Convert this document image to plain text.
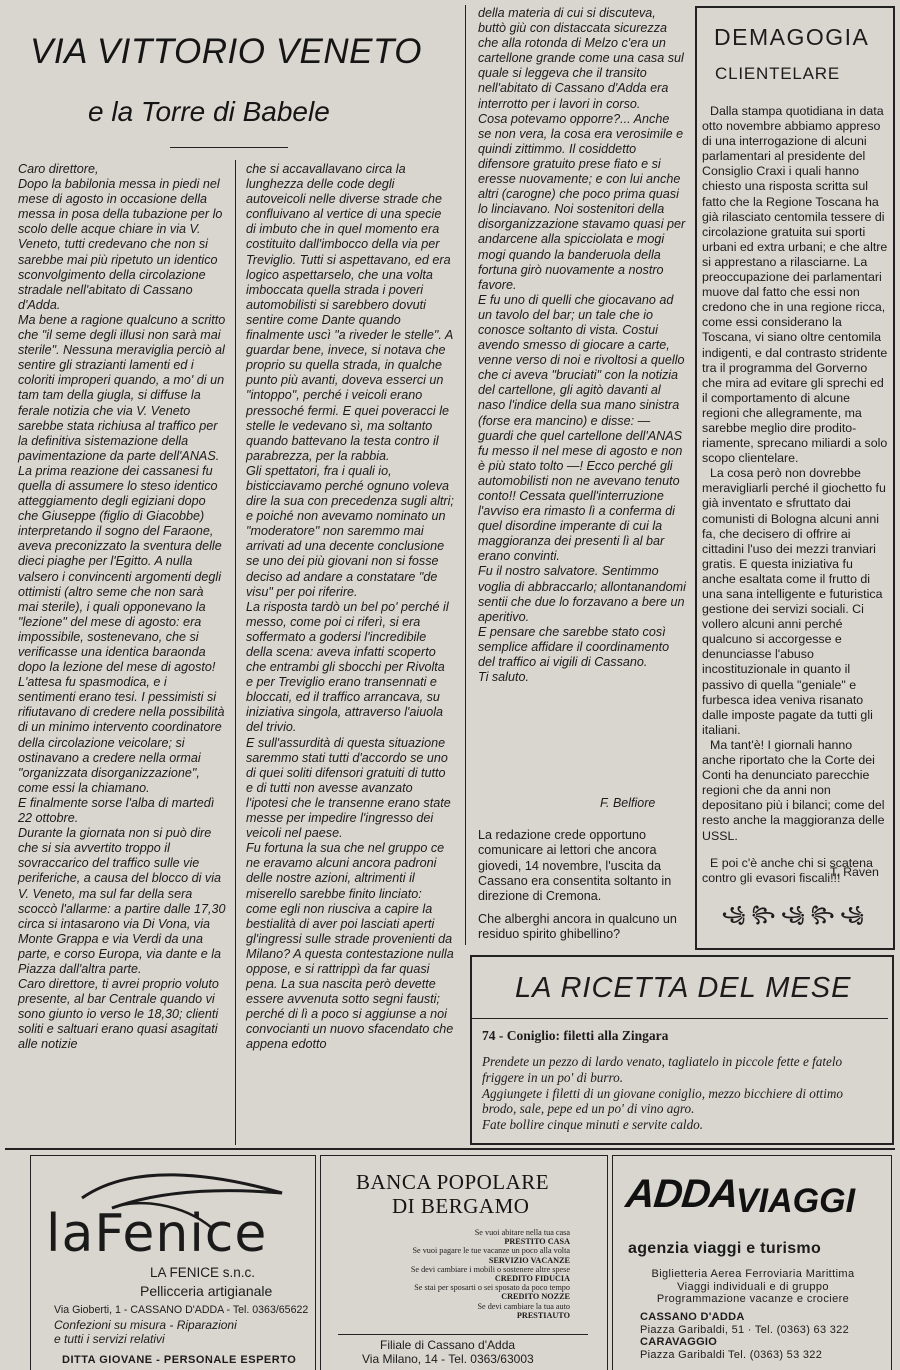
VIA VITTORIO VENETO
e la Torre di Babele

Caro direttore,

Dopo la babilonia messa in piedi nel mese di agosto in occasione della messa in posa della tubazione per lo scolo delle acque chiare in via V. Veneto, tutti credevano che non si sarebbe mai più ripetuto un identico sconvolgimento della circolazione stradale nell'abitato di Cassano d'Adda.

Ma bene a ragione qualcuno a scritto che "il seme degli illusi non sarà mai sterile". Nessuna meraviglia perciò al sentire gli strazianti lamenti ed i coloriti improperi quando, a mo' di un tam tam della giugla, si diffuse la ferale notizia che via V. Veneto sarebbe stata richiusa al traffico per la definitiva sistemazione della pavimentazione da parte dell'ANAS.

La prima reazione dei cassanesi fu quella di assumere lo steso identico atteggiamento degli egiziani dopo che Giuseppe (figlio di Giacobbe) interpretando il sogno del Faraone, aveva preconizzato la sventura delle dieci piaghe per l'Egitto. A nulla valsero i convincenti argomenti degli ottimisti (altro seme che non sarà mai sterile), i quali opponevano la "lezione" del mese di agosto: era impossibile, sostenevano, che si verificasse una identica baraonda dopo la lezione del mese di agosto!

L'attesa fu spasmodica, e i sentimenti erano tesi. I pessimisti si rifiutavano di credere nella possibilità di un minimo intervento coordinatore della circolazione veicolare; si ostinavano a credere nella ormai "organizzata disorganizzazione", come essi la chiamano.

E finalmente sorse l'alba di martedì 22 ottobre.

Durante la giornata non si può dire che si sia avvertito troppo il sovraccarico del traffico sulle vie periferiche, a causa del blocco di via V. Veneto, ma sul far della sera scoccò l'allarme: a partire dalle 17,30 circa si intasarono via Di Vona, via Monte Grappa e via Verdi da una parte, e corso Europa, via dante e la Piazza dall'altra parte.

Caro direttore, ti avrei proprio voluto presente, al bar Centrale quando vi sono giunto io verso le 18,30; clienti soliti e saltuari erano quasi asagitati alle notizie

che si accavallavano circa la lunghezza delle code degli autoveicoli nelle diverse strade che confluivano al vertice di una specie di imbuto che in quel momento era costituito dall'imbocco della via per Treviglio. Tutti si aspettavano, ed era logico aspettarselo, che una volta imboccata quella strada i poveri automobilisti si sarebbero dovuti sentire come Dante quando finalmente uscì "a riveder le stelle". A guardar bene, invece, si notava che proprio su quella strada, in qualche punto più avanti, doveva esserci un "intoppo", perché i veicoli erano pressoché fermi. E quei poveracci le stelle le vedevano sì, ma soltanto quando battevano la testa contro il parabrezza, per la rabbia.

Gli spettatori, fra i quali io, bisticciavamo perché ognuno voleva dire la sua con precedenza sugli altri; e poiché non avevamo nominato un "moderatore" non saremmo mai arrivati ad una decente conclusione se uno dei più giovani non si fosse deciso ad andare a constatare "de visu" per poi riferire.

La risposta tardò un bel po' perché il messo, come poi ci riferì, si era soffermato a godersi l'incredibile della scena: aveva infatti scoperto che entrambi gli sbocchi per Rivolta e per Treviglio erano transennati e bloccati, ed il traffico arrancava, su iniziativa singola, attraverso l'aiuola del trivio.

E sull'assurdità di questa situazione saremmo stati tutti d'accordo se uno di quei soliti difensori gratuiti di tutto e di tutti non avesse avanzato l'ipotesi che le transenne erano state messe per impedire l'ingresso dei veicoli nel paese.

Fu fortuna la sua che nel gruppo ce ne eravamo alcuni ancora padroni delle nostre azioni, altrimenti il miserello sarebbe finito linciato: come egli non riusciva a capire la bestialità di aver poi lasciati aperti gl'ingressi sulle strade provenienti da Milano? A questa contestazione nulla oppose, e si rattrippì da far quasi pena. La sua nascita però devette essere avvenuta sotto segni fausti; perché di lì a poco si aggiunse a noi convocianti un nuovo sfacendato che appena edotto

della materia di cui si discuteva, buttò giù con distaccata sicurezza che alla rotonda di Melzo c'era un cartellone grande come una casa sul quale si leggeva che il transito nell'abitato di Cassano d'Adda era interrotto per i lavori in corso.

Cosa potevamo opporre?... Anche se non vera, la cosa era verosimile e quindi zittimmo. Il cosiddetto difensore gratuito prese fiato e si eresse nuovamente; e con lui anche altri (carogne) che poco prima quasi lo linciavano. Noi sostenitori della disorganizzazione stavamo quasi per andarcene alla spicciolata e mogi mogi quando la banderuola della fortuna girò nuovamente a nostro favore.

E fu uno di quelli che giocavano ad un tavolo del bar; un tale che io conosce soltanto di vista. Costui avendo smesso di giocare a carte, venne verso di noi e rivoltosi a quello che ci aveva "bruciati" con la notizia del cartellone, gli agitò davanti al naso l'indice della sua mano sinistra (forse era mancino) e disse: — guardi che quel cartellone dell'ANAS fu messo il nel mese di agosto e non è più stato tolto —! Ecco perché gli automobilisti non ne avevano tenuto conto!! Cessata quell'interruzione l'avviso era rimasto lì a conferma di quel disordine imperante di cui la maggioranza dei presenti lì al bar erano convinti.

Fu il nostro salvatore. Sentimmo voglia di abbraccarlo; allontanandomi sentii che due lo forzavano a bere un aperitivo.

E pensare che sarebbe stato così semplice affidare il coordinamento del traffico ai vigili di Cassano.

Ti saluto.

F. Belfiore
La redazione crede opportuno comunicare ai lettori che ancora giovedi, 14 novembre, l'uscita da Cassano era consentita soltanto in direzione di Cremona.
Che alberghi ancora in qualcuno un residuo spirito ghibellino?
DEMAGOGIA
CLIENTELARE

Dalla stampa quotidiana in data otto novembre abbiamo appreso di una interrogazione di alcuni parlamentari al presidente del Consiglio Craxi i quali hanno chiesto una risposta scritta sul fatto che la Regione Toscana ha già rilasciato centomila tessere di circolazione gratuita sui sporti urbani ed extra urbani; e che altre si apprestano a rilasciarne. La preoccupazione dei parlamentari muove dal fatto che essi non credono che in una regione ricca, come essi considerano la Toscana, vi siano oltre centomila indigenti, e dal contrasto stridente tra il programma del Gorverno che mira ad evitare gli sprechi ed il comportamento di alcune regioni che allegramente, ma sarebbe meglio dire proditoriamente, sprecano miliardi a solo scopo clientelare.

La cosa però non dovrebbe meravigliarli perché il giochetto fu già inventato e sfruttato dai comunisti di Bologna alcuni anni fa, che decisero di offrire ai cittadini l'uso dei mezzi tranviari gratis. E questa iniziativa fu anche esaltata come il frutto di una sana intelligente e futuristica gestione dei servizi sociali. Ci vollero alcuni anni perché qualcuno si accorgesse e denunciasse l'abuso incostituzionale in quanto il passivo di quella "geniale" e furbesca idea veniva risanato dalle imposte pagate da tutti gli italiani.

Ma tant'è! I giornali hanno anche riportato che la Corte dei Conti ha denunciato parecchie regioni che da anni non depositano più i bilanci; come del resto anche la maggioranza delle USSL.

E poi c'è anche chi si scatena contro gli evasori fiscali!!!

T. Raven
꧁ ꧂ ꧁ ꧂ ꧁
LA RICETTA DEL MESE
74 - Coniglio: filetti alla Zingara

Prendete un pezzo di lardo venato, tagliatelo in piccole fette e fatelo friggere in un po' di burro.

Aggiungete i filetti di un giovane coniglio, mezzo bicchiere di ottimo brodo, sale, pepe ed un po' di vino agro.

Fate bollire cinque minuti e servite caldo.

laFenice
LA FENICE s.n.c.
Pellicceria artigianale
Via Gioberti, 1 - CASSANO D'ADDA - Tel. 0363/65622
Confezioni su misura - Riparazioni
e tutti i servizi relativi
DITTA GIOVANE - PERSONALE ESPERTO
BANCA POPOLARE
DI BERGAMO
Se vuoi abitare nella tua casa
PRESTITO CASA
Se vuoi pagare le tue vacanze un poco alla volta
SERVIZIO VACANZE
Se devi cambiare i mobili o sostenere altre spese
CREDITO FIDUCIA
Se stai per sposarti o sei sposato da poco tempo
CREDITO NOZZE
Se devi cambiare la tua auto
PRESTIAUTO
Filiale di Cassano d'Adda
Via Milano, 14 - Tel. 0363/63003
ADDA
VIAGGI
agenzia viaggi e turismo
Biglietteria Aerea Ferroviaria Marittima
Viaggi individuali e di gruppo
Programmazione vacanze e crociere
CASSANO D'ADDA
Piazza Garibaldi, 51 · Tel. (0363) 63 322
CARAVAGGIO
Piazza Garibaldi Tel. (0363) 53 322
